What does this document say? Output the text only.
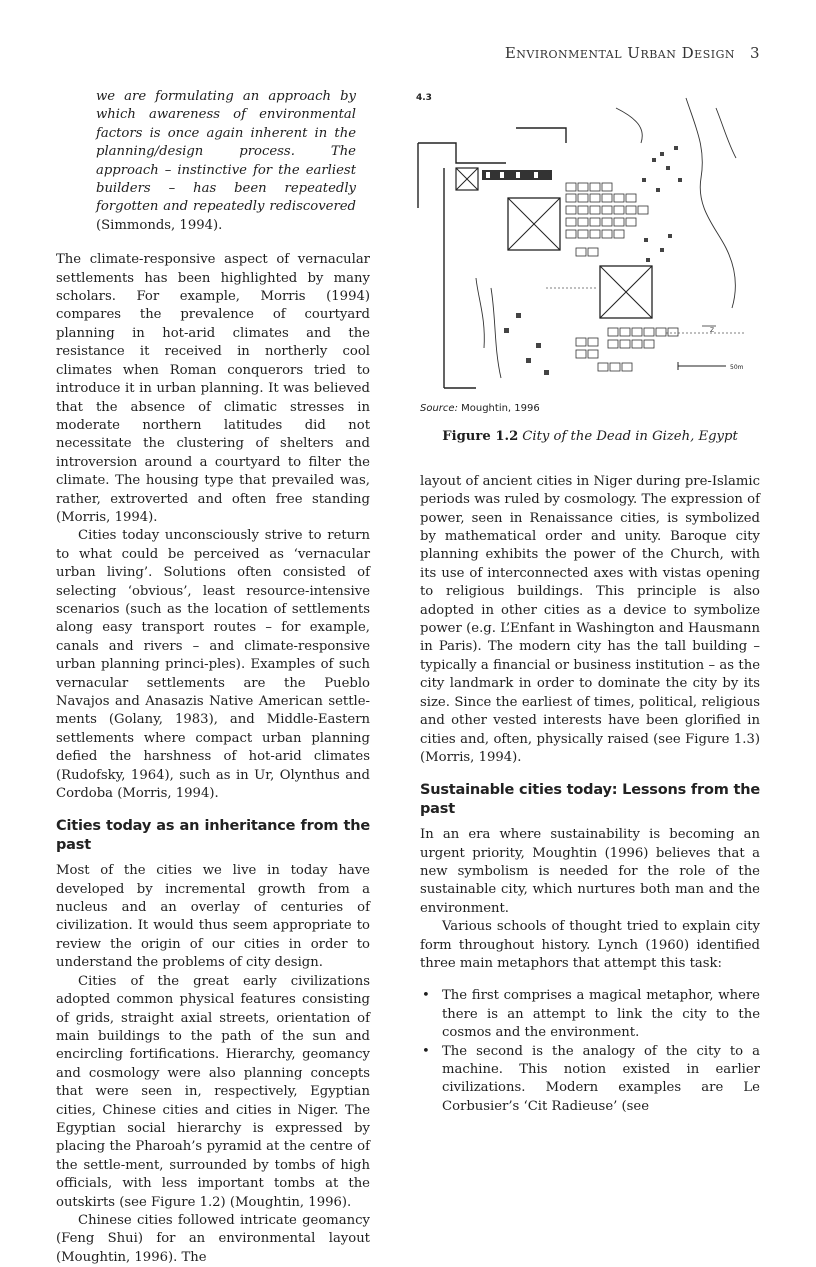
Environmental Urban Design 3

we are formulating an approach by which awareness of environmental factors is once again inherent in the planning/design process. The approach – instinctive for the earliest builders – has been repeatedly forgotten and repeatedly rediscovered (Simmonds, 1994).

The climate-responsive aspect of vernacular settlements has been highlighted by many scholars. For example, Morris (1994) compares the prevalence of courtyard planning in hot-arid climates and the resistance it received in northerly cool climates when Roman conquerors tried to introduce it in urban planning. It was believed that the absence of climatic stresses in moderate northern latitudes did not necessitate the clustering of shelters and introversion around a courtyard to filter the climate. The housing type that prevailed was, rather, extroverted and often free standing (Morris, 1994).

Cities today unconsciously strive to return to what could be perceived as ‘vernacular urban living’. Solutions often consisted of selecting ‘obvious’, least resource-intensive scenarios (such as the location of settlements along easy transport routes – for example, canals and rivers – and climate-responsive urban planning princi-ples). Examples of such vernacular settlements are the Pueblo Navajos and Anasazis Native American settle-ments (Golany, 1983), and Middle-Eastern settlements where compact urban planning defied the harshness of hot-arid climates (Rudofsky, 1964), such as in Ur, Olynthus and Cordoba (Morris, 1994).

Cities today as an inheritance from the past

Most of the cities we live in today have developed by incremental growth from a nucleus and an overlay of centuries of civilization. It would thus seem appropriate to review the origin of our cities in order to understand the problems of city design.

Cities of the great early civilizations adopted common physical features consisting of grids, straight axial streets, orientation of main buildings to the path of the sun and encircling fortifications. Hierarchy, geomancy and cosmology were also planning concepts that were seen in, respectively, Egyptian cities, Chinese cities and cities in Niger. The Egyptian social hierarchy is expressed by placing the Pharoah’s pyramid at the centre of the settle-ment, surrounded by tombs of high officials, with less important tombs at the outskirts (see Figure 1.2) (Moughtin, 1996).

Chinese cities followed intricate geomancy (Feng Shui) for an environmental layout (Moughtin, 1996). The

4.3
Z
50m
Source: Moughtin, 1996
Figure 1.2 City of the Dead in Gizeh, Egypt

layout of ancient cities in Niger during pre-Islamic periods was ruled by cosmology. The expression of power, seen in Renaissance cities, is symbolized by mathematical order and unity. Baroque city planning exhibits the power of the Church, with its use of interconnected axes with vistas opening to religious buildings. This principle is also adopted in other cities as a device to symbolize power (e.g. L’Enfant in Washington and Hausmann in Paris). The modern city has the tall building – typically a financial or business institution – as the city landmark in order to dominate the city by its size. Since the earliest of times, political, religious and other vested interests have been glorified in cities and, often, physically raised (see Figure 1.3) (Morris, 1994).

Sustainable cities today: Lessons from the past

In an era where sustainability is becoming an urgent priority, Moughtin (1996) believes that a new symbolism is needed for the role of the sustainable city, which nurtures both man and the environment.

Various schools of thought tried to explain city form throughout history. Lynch (1960) identified three main metaphors that attempt this task:

• The first comprises a magical metaphor, where there is an attempt to link the city to the cosmos and the environment.
• The second is the analogy of the city to a machine. This notion existed in earlier civilizations. Modern examples are Le Corbusier’s ‘Cit Radieuse’ (see
